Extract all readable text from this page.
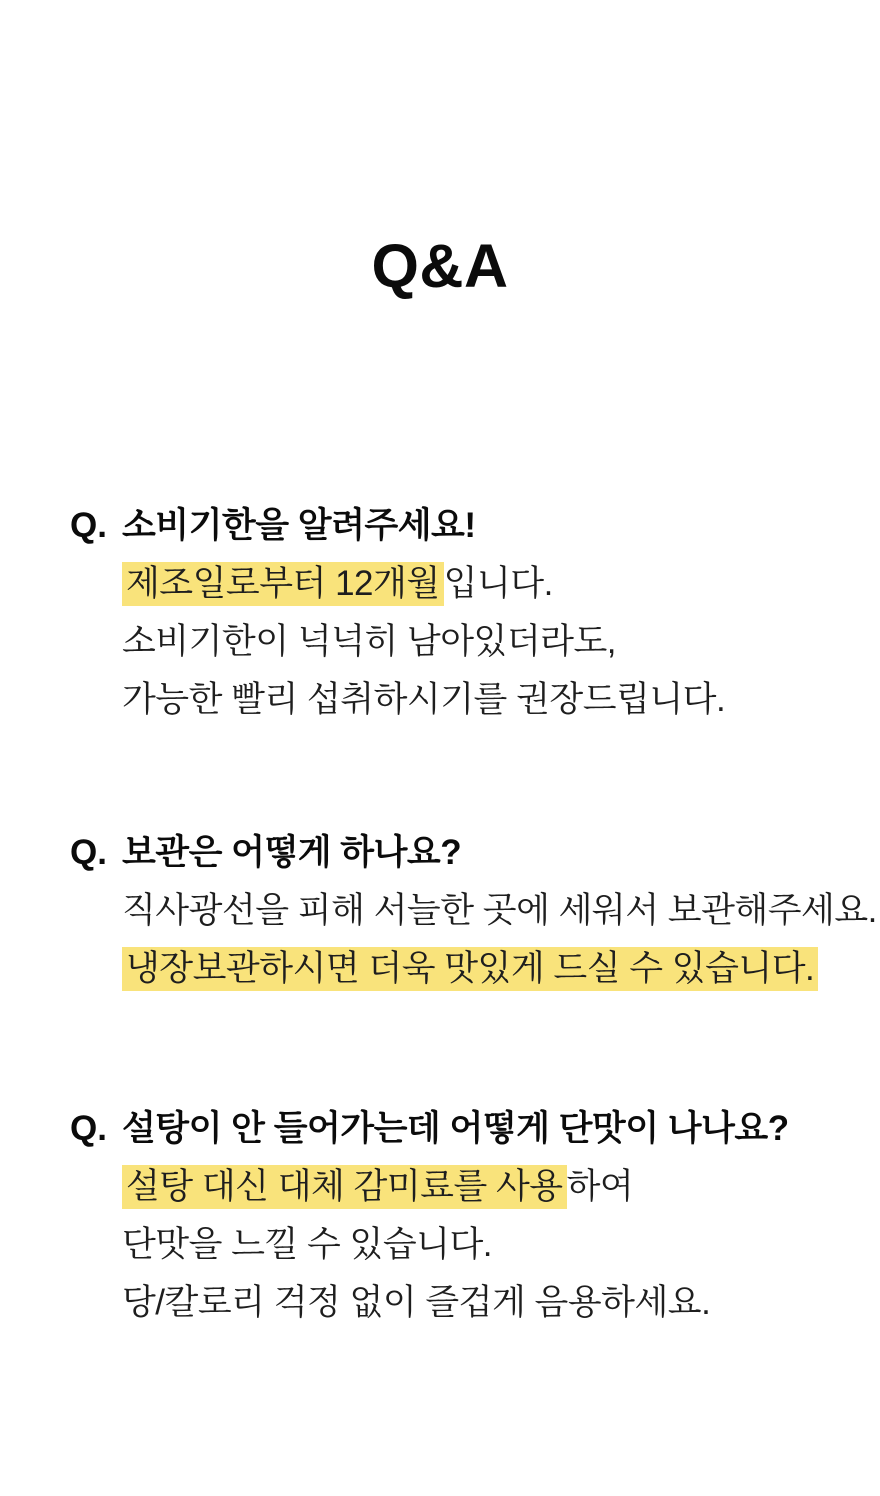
Q&A
Q. 소비기한을 알려주세요!

제조일로부터 12개월 입니다.

소비기한이 넉넉히 남아있더라도,

가능한 빨리 섭취하시기를 권장드립니다.

Q. 보관은 어떻게 하나요?

직사광선을 피해 서늘한 곳에 세워서 보관해주세요.

냉장보관하시면 더욱 맛있게 드실 수 있습니다.

Q. 설탕이 안 들어가는데 어떻게 단맛이 나나요?

설탕 대신 대체 감미료를 사용 하여

단맛을 느낄 수 있습니다.

당/칼로리 걱정 없이 즐겁게 음용하세요.
